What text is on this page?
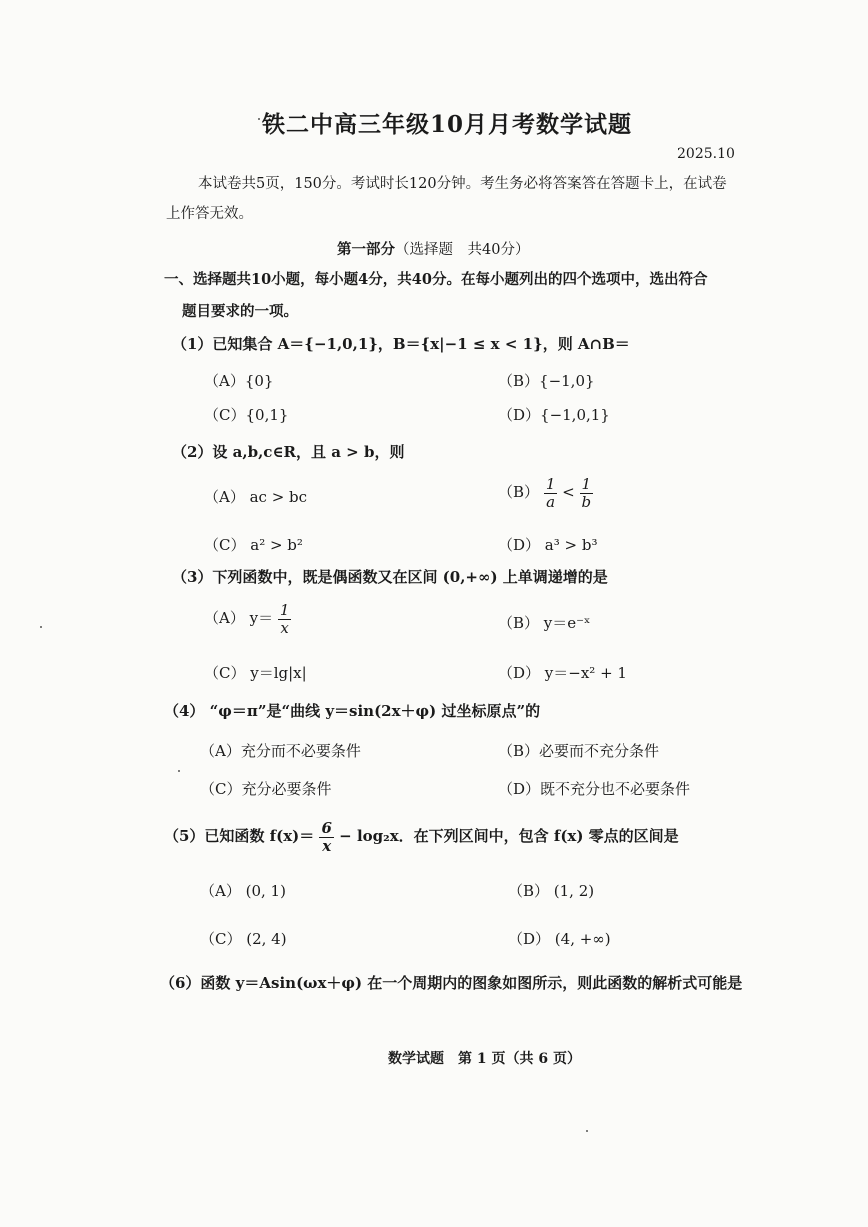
铁二中高三年级10月月考数学试题
2025.10
本试卷共5页，150分。考试时长120分钟。考生务必将答案答在答题卡上，在试卷
上作答无效。
第一部分（选择题　共40分）
一、选择题共10小题，每小题4分，共40分。在每小题列出的四个选项中，选出符合
题目要求的一项。
（1）已知集合 A＝{−1,0,1}，B＝{x|−1 ≤ x < 1}，则 A∩B＝
（A）{0}	（B）{−1,0}
（C）{0,1}	（D）{−1,0,1}
（2）设 a,b,c∈R，且 a > b，则
（A） ac > bc	$(B) \frac{1}{a} < \frac{1}{b}$
（C） a² > b²	（D） a³ > b³
（3）下列函数中，既是偶函数又在区间 (0,+∞) 上单调递增的是
（A） $y= \frac{1}{x}$	（B） y＝e⁻ˣ
（C） y＝lg|x|	（D） y＝−x² + 1
（4） “φ＝π”是“曲线 y＝sin(2x＋φ) 过坐标原点”的
（A）充分而不必要条件	（B）必要而不充分条件
（C）充分必要条件	（D）既不充分也不必要条件
（5）已知函数 $f(x)= \frac{6}{x} - \log_2x$．在下列区间中，包含 f(x) 零点的区间是
（A） (0, 1)	（B） (1, 2)
（C） (2, 4)	（D） (4, +∞)
（6）函数 y＝Asin(ωx＋φ) 在一个周期内的图象如图所示，则此函数的解析式可能是
数学试题　第 1 页（共 6 页）
